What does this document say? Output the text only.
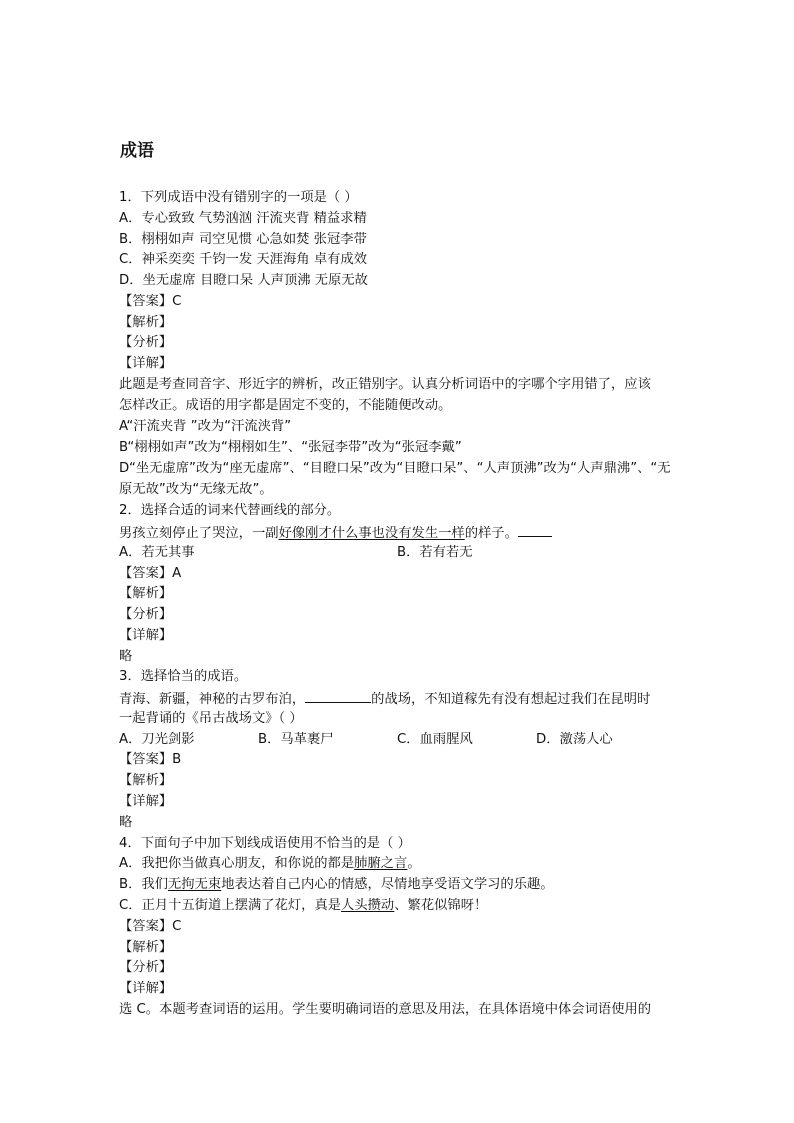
成语
1．下列成语中没有错别字的一项是（ ）
A．专心致致 气势汹汹 汗流夹背 精益求精
B．栩栩如声 司空见惯 心急如焚 张冠李带
C．神采奕奕 千钧一发 天涯海角 卓有成效
D．坐无虚席 目瞪口呆 人声顶沸 无原无故
【答案】C
【解析】
【分析】
【详解】
此题是考查同音字、形近字的辨析，改正错别字。认真分析词语中的字哪个字用错了，应该
怎样改正。成语的用字都是固定不变的，不能随便改动。
A“汗流夹背 ”改为“汗流浃背”
B“栩栩如声”改为“栩栩如生”、“张冠李带”改为“张冠李戴”
D“坐无虚席”改为“座无虚席”、“目瞪口呆”改为“目瞪口呆”、“人声顶沸”改为“人声鼎沸”、“无
原无故”改为“无缘无故”。
2．选择合适的词来代替画线的部分。
男孩立刻停止了哭泣，一副好像刚才什么事也没有发生一样的样子。
A．若无其事	B．若有若无
【答案】A
【解析】
【分析】
【详解】
略
3．选择恰当的成语。
青海、新疆，神秘的古罗布泊，	的战场，不知道稼先有没有想起过我们在昆明时
一起背诵的《吊古战场文》（ ）
A．刀光剑影	B．马革裹尸	C．血雨腥风	D．激荡人心
【答案】B
【解析】
【详解】
略
4．下面句子中加下划线成语使用不恰当的是（ ）
A．我把你当做真心朋友，和你说的都是肺腑之言。
B．我们无拘无束地表达着自己内心的情感，尽情地享受语文学习的乐趣。
C．正月十五街道上摆满了花灯，真是人头攒动、繁花似锦呀！
【答案】C
【解析】
【分析】
【详解】
选 C。本题考查词语的运用。学生要明确词语的意思及用法，在具体语境中体会词语使用的
